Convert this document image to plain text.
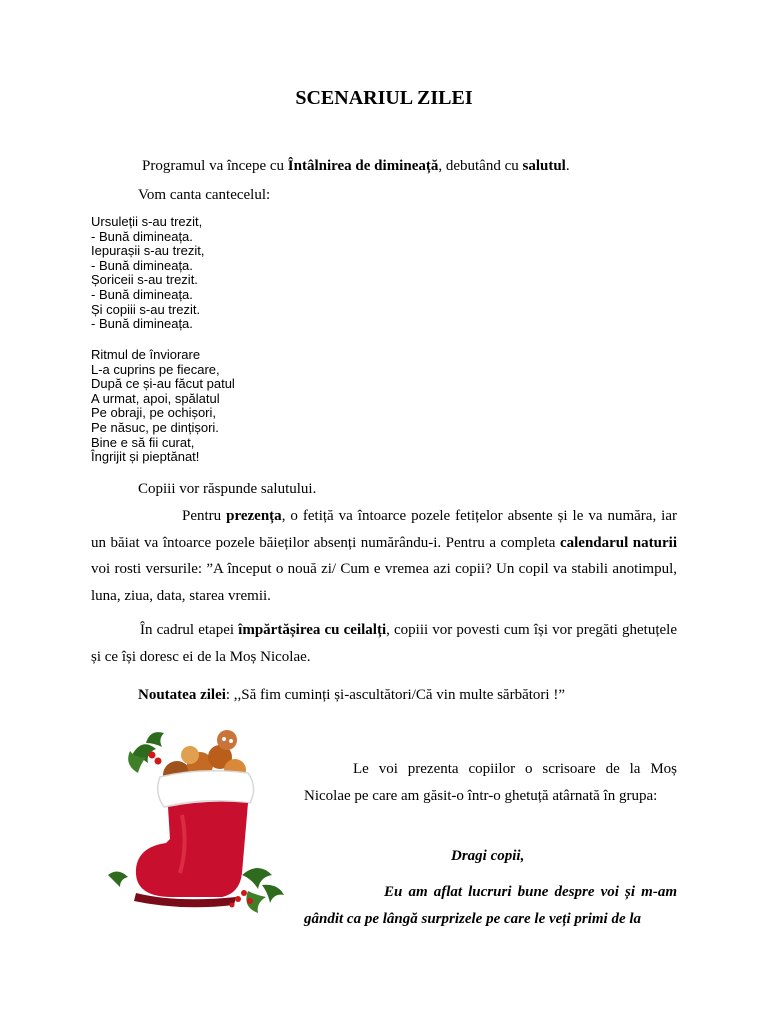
SCENARIUL ZILEI
Programul va începe cu Întâlnirea de dimineață, debutând cu salutul.
Vom canta cantecelul:
Ursuleții s-au trezit,
- Bună dimineața.
Iepurașii s-au trezit,
- Bună dimineața.
Șoriceii s-au trezit.
- Bună dimineața.
Și copiii s-au trezit.
- Bună dimineața.
Ritmul de înviorare
L-a cuprins pe fiecare,
După ce și-au făcut patul
A urmat, apoi, spălatul
Pe obraji, pe ochișori,
Pe năsuc, pe dințișori.
Bine e să fii curat,
Îngrijit și pieptănat!
Copiii vor răspunde salutului.
Pentru prezența, o fetiță va întoarce pozele fetițelor absente și le va număra, iar un băiat va întoarce pozele băieților absenți numărându-i. Pentru a completa calendarul naturii voi rosti versurile: ”A început o nouă zi/ Cum e vremea azi copii? Un copil va stabili anotimpul, luna, ziua, data, starea vremii.
În cadrul etapei împărtășirea cu ceilalți, copiii vor povesti cum își vor pregăti ghetuțele și ce își doresc ei de la Moș Nicolae.
Noutatea zilei: ,,Să fim cuminți și-ascultători/Că vin multe sărbători !”
Le voi prezenta copiilor o scrisoare de la Moș Nicolae pe care am găsit-o într-o ghetuță atârnată în grupa:
Dragi copii,
Eu am aflat lucruri bune despre voi și m-am gândit ca pe lângă surprizele pe care le veți primi de la
